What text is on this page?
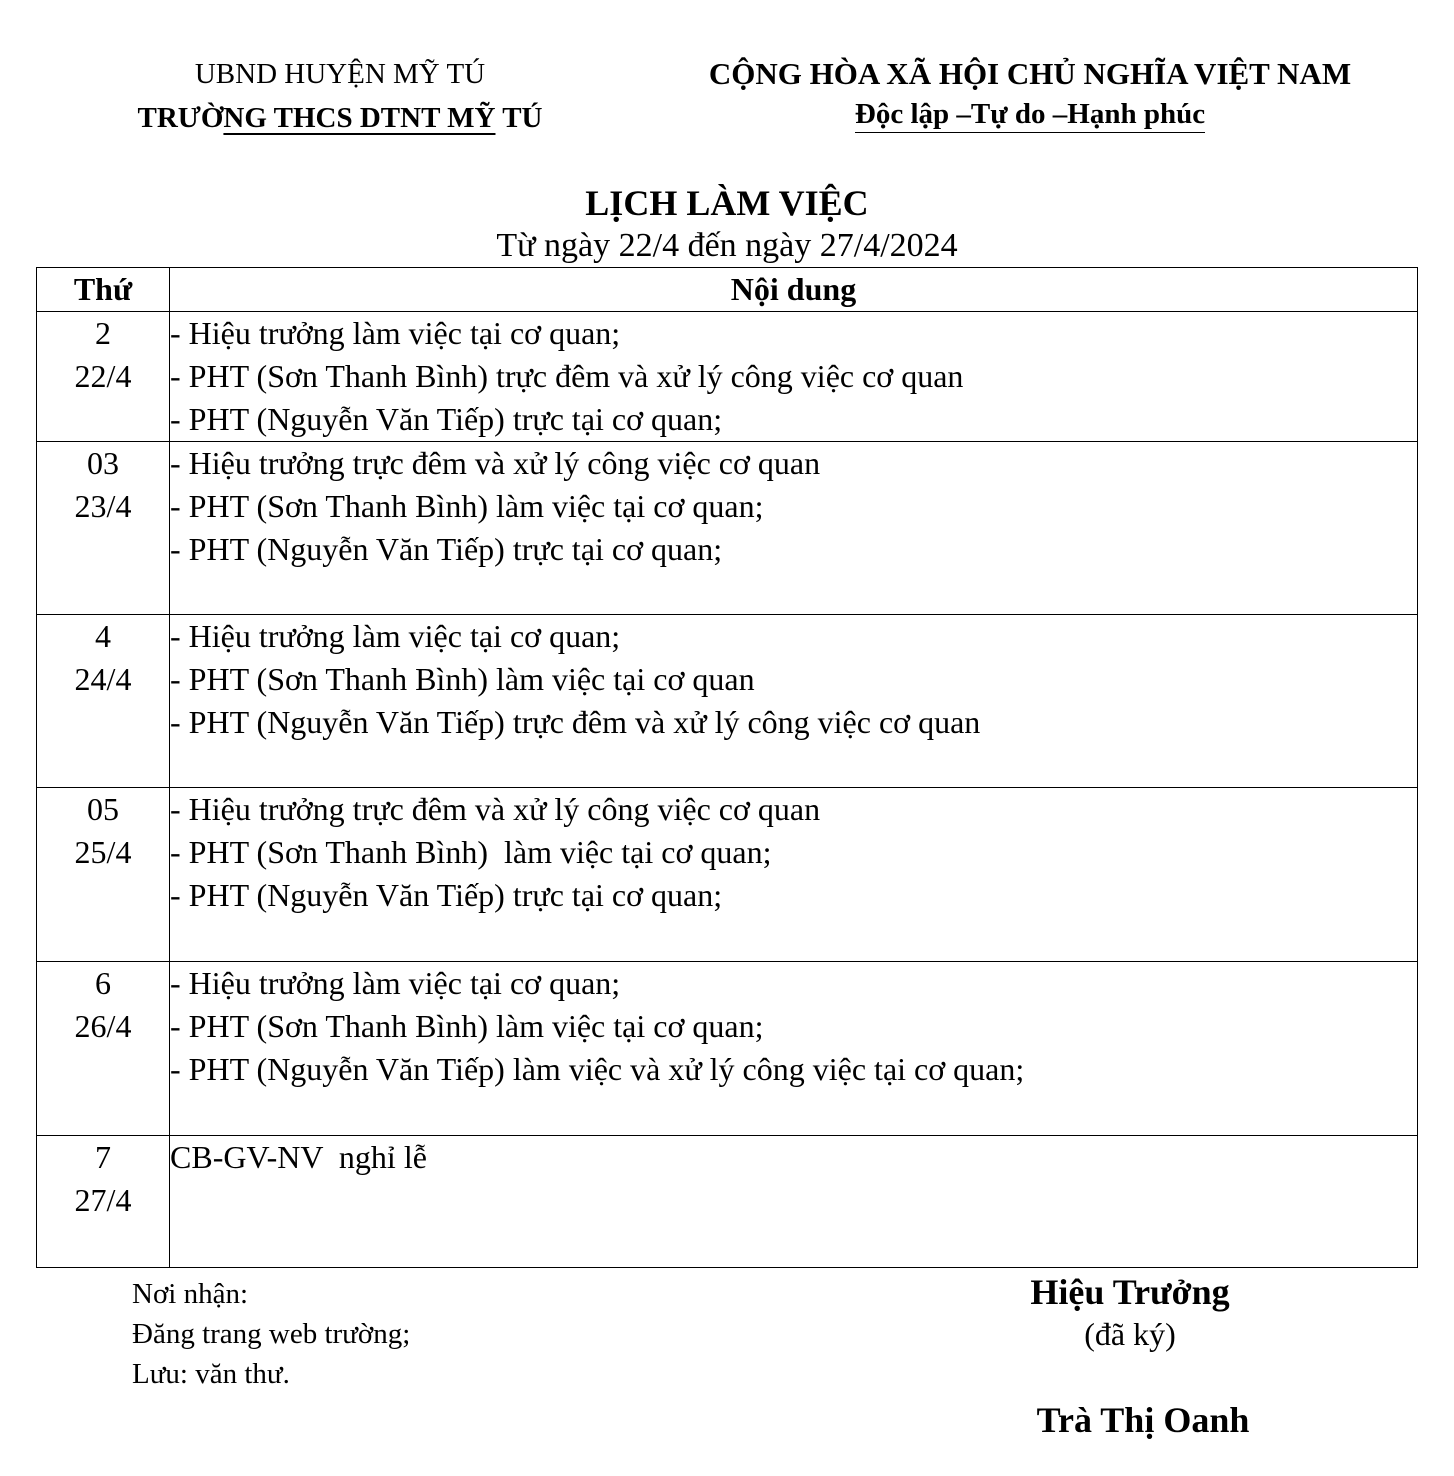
UBND HUYỆN MỸ TÚ
TRƯỜNG THCS DTNT MỸ TÚ
CỘNG HÒA XÃ HỘI CHỦ NGHĨA VIỆT NAM
Độc lập –Tự do –Hạnh phúc
LỊCH LÀM VIỆC
Từ ngày 22/4 đến ngày 27/4/2024
Thứ	Nội dung

2
22/4	- Hiệu trưởng làm việc tại cơ quan;
- PHT (Sơn Thanh Bình) trực đêm và xử lý công việc cơ quan
- PHT (Nguyễn Văn Tiếp) trực tại cơ quan;

03
23/4	- Hiệu trưởng trực đêm và xử lý công việc cơ quan
- PHT (Sơn Thanh Bình) làm việc tại cơ quan;
- PHT (Nguyễn Văn Tiếp) trực tại cơ quan;

4
24/4	- Hiệu trưởng làm việc tại cơ quan;
- PHT (Sơn Thanh Bình) làm việc tại cơ quan
- PHT (Nguyễn Văn Tiếp) trực đêm và xử lý công việc cơ quan

05
25/4	- Hiệu trưởng trực đêm và xử lý công việc cơ quan
- PHT (Sơn Thanh Bình)  làm việc tại cơ quan;
- PHT (Nguyễn Văn Tiếp) trực tại cơ quan;

6
26/4	- Hiệu trưởng làm việc tại cơ quan;
- PHT (Sơn Thanh Bình) làm việc tại cơ quan;
- PHT (Nguyễn Văn Tiếp) làm việc và xử lý công việc tại cơ quan;

7
27/4	CB-GV-NV  nghỉ lễ
Nơi nhận:
Đăng trang web trường;
Lưu: văn thư.
Hiệu Trưởng
(đã ký)
Trà Thị Oanh
